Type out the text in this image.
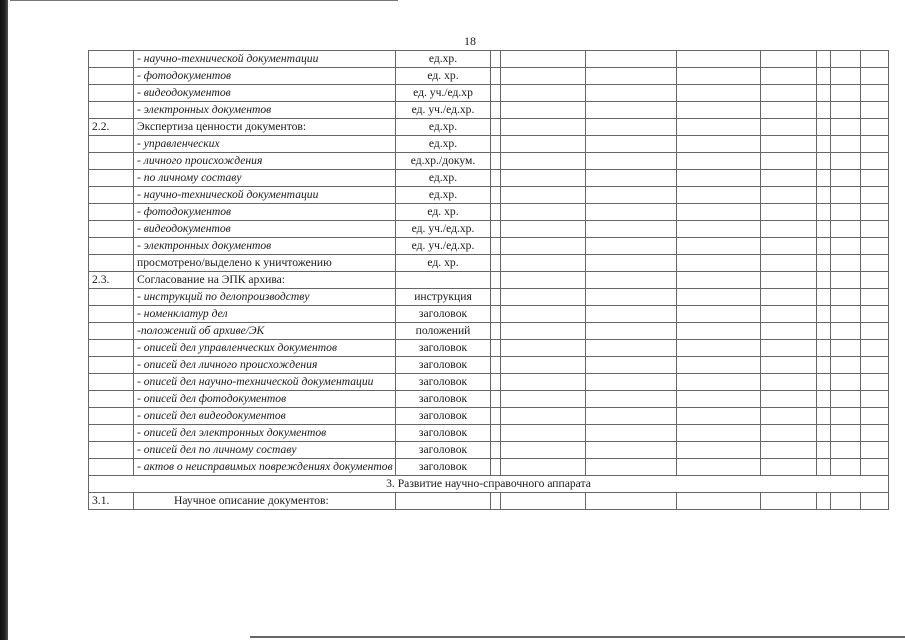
18
	- научно-технической документации	ед.хр.								
	- фотодокументов	ед. хр.								
	- видеодокументов	ед. уч./ед.хр								
	- электронных документов	ед. уч./ед.хр.								
2.2.	Экспертиза ценности документов:	ед.хр.								
	- управленческих	ед.хр.								
	- личного происхождения	ед.хр./докум.								
	- по личному составу	ед.хр.								
	- научно-технической документации	ед.хр.								
	- фотодокументов	ед. хр.								
	- видеодокументов	ед. уч./ед.хр.								
	- электронных документов	ед. уч./ед.хр.								
	просмотрено/выделено к уничтожению	ед. хр.								
2.3.	Согласование на ЭПК архива:									
	- инструкций по делопроизводству	инструкция								
	- номенклатур дел	заголовок								
	-положений об архиве/ЭК	положений								
	- описей дел управленческих документов	заголовок								
	- описей дел личного происхождения	заголовок								
	- описей дел научно-технической документации	заголовок								
	- описей дел фотодокументов	заголовок								
	- описей дел видеодокументов	заголовок								
	- описей дел электронных документов	заголовок								
	- описей дел по личному составу	заголовок								
	- актов о неисправимых повреждениях документов	заголовок								
3. Развитие научно-справочного аппарата										
3.1.	Научное описание документов:									
